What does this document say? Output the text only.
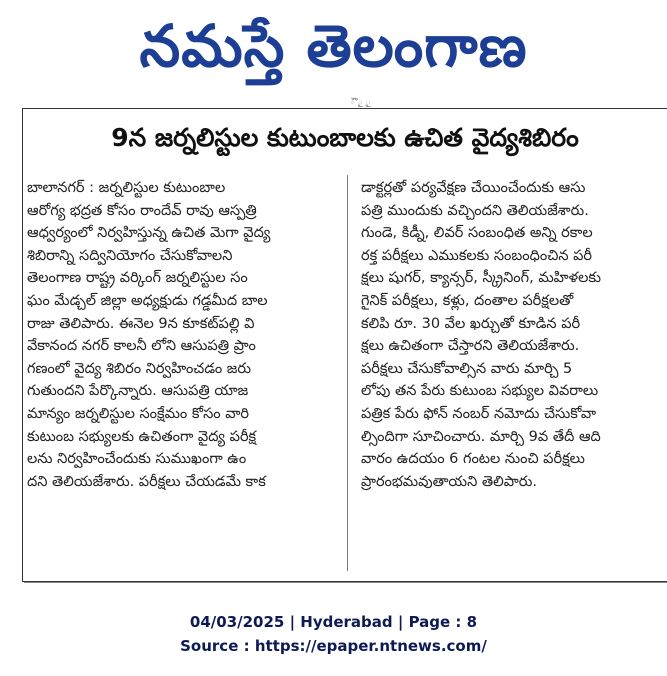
నమస్తే తెలంగాణ
ౌ ౖ ౖ
9న జర్నలిస్టుల కుటుంబాలకు ఉచిత వైద్యశిబిరం
బాలానగర్ : జర్నలిస్టుల కుటుంబాల
ఆరోగ్య భద్రత కోసం రాందేవ్ రావు ఆస్పత్రి
ఆధ్వర్యంలో నిర్వహిస్తున్న ఉచిత మెగా వైద్య
శిబిరాన్ని సద్వినియోగం చేసుకోవాలని
తెలంగాణ రాష్ట్ర వర్కింగ్ జర్నలిస్టుల సం
ఘం మేడ్చల్ జిల్లా అధ్యక్షుడు గడ్డమీద బాల
రాజు తెలిపారు. ఈనెల 9న కూకట్‌పల్లి వి
వేకానంద నగర్ కాలనీ లోని ఆసుపత్రి ప్రాం
గణంలో వైద్య శిబిరం నిర్వహించడం జరు
గుతుందని పేర్కొన్నారు. ఆసుపత్రి యాజ
మాన్యం జర్నలిస్టుల సంక్షేమం కోసం వారి
కుటుంబ సభ్యులకు ఉచితంగా వైద్య పరీక్ష
లను నిర్వహించేందుకు సుముఖంగా ఉం
దని తెలియజేశారు. పరీక్షలు చేయడమే కాక
డాక్టర్లతో పర్యవేక్షణ చేయించేందుకు ఆసు
పత్రి ముందుకు వచ్చిందని తెలియజేశారు.
గుండె, కిడ్నీ, లివర్ సంబంధిత అన్ని రకాల
రక్త పరీక్షలు ఎముకలకు సంబంధించిన పరీ
క్షలు షుగర్, క్యాన్సర్, స్క్రీనింగ్, మహిళలకు
గైనిక్ పరీక్షలు, కళ్లు, దంతాల పరీక్షలతో
కలిపి రూ. 30 వేల ఖర్చుతో కూడిన పరీ
క్షలు ఉచితంగా చేస్తారని తెలియజేశారు.
పరీక్షలు చేసుకోవాల్సిన వారు మార్చి 5
లోపు తన పేరు కుటుంబ సభ్యుల వివరాలు
పత్రిక పేరు ఫోన్ నంబర్ నమోదు చేసుకోవా
ల్సిందిగా సూచించారు. మార్చి 9వ తేదీ ఆది
వారం ఉదయం 6 గంటల నుంచి పరీక్షలు
ప్రారంభమవుతాయని తెలిపారు.
04/03/2025 | Hyderabad | Page : 8
Source : https://epaper.ntnews.com/
